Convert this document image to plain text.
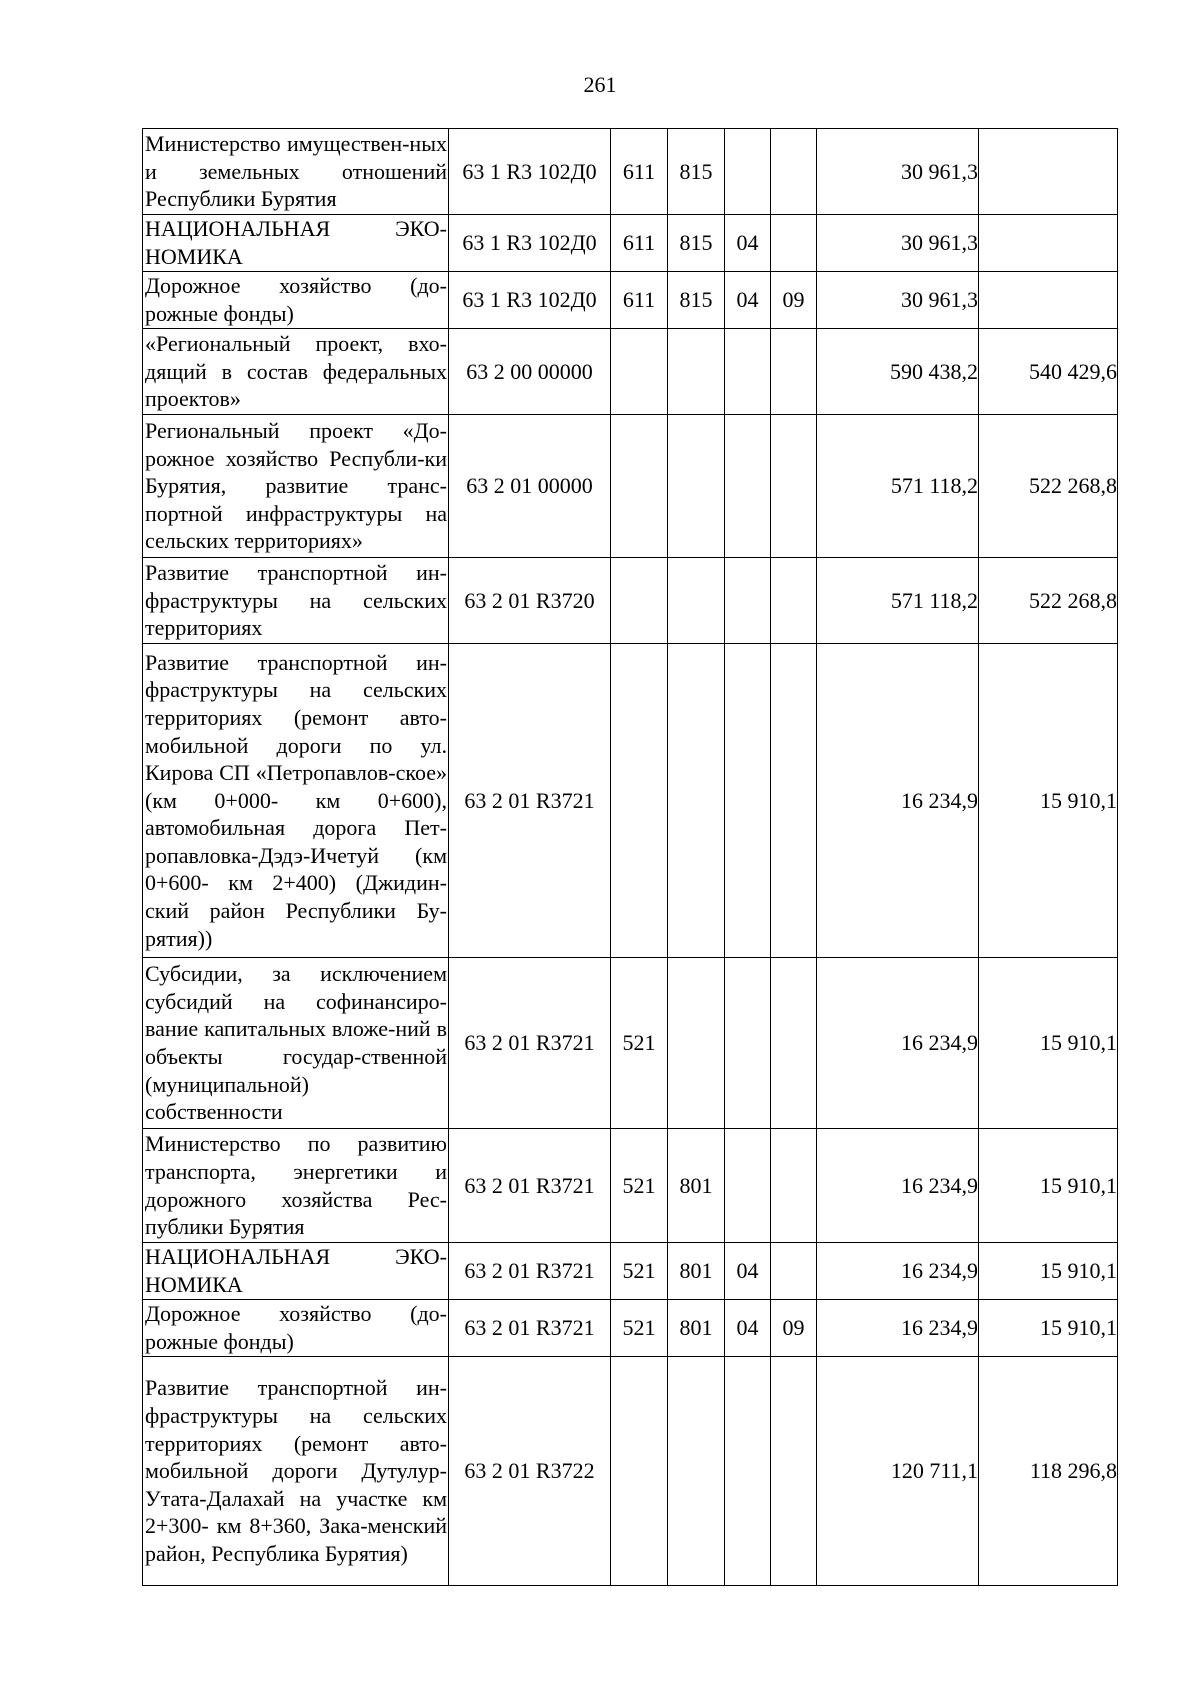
261
Министерство имуществен-ных и земельных отношений Республики Бурятия	63 1 R3 102Д0	611	815			30 961,3	
НАЦИОНАЛЬНАЯ ЭКО-НОМИКА	63 1 R3 102Д0	611	815	04		30 961,3	
Дорожное хозяйство (до-рожные фонды)	63 1 R3 102Д0	611	815	04	09	30 961,3	
«Региональный проект, вхо-дящий в состав федеральных проектов»	63 2 00 00000					590 438,2	540 429,6
Региональный проект «До-рожное хозяйство Республи-ки Бурятия, развитие транс-портной инфраструктуры на сельских территориях»	63 2 01 00000					571 118,2	522 268,8
Развитие транспортной ин-фраструктуры на сельских территориях	63 2 01 R3720					571 118,2	522 268,8
Развитие транспортной ин-фраструктуры на сельских территориях (ремонт авто-мобильной дороги по ул. Кирова СП «Петропавлов-ское» (км 0+000- км 0+600), автомобильная дорога Пет-ропавловка-Дэдэ-Ичетуй (км 0+600- км 2+400) (Джидин-ский район Республики Бу-рятия))	63 2 01 R3721					16 234,9	15 910,1
Субсидии, за исключением субсидий на софинансиро-вание капитальных вложе-ний в объекты государ-ственной (муниципальной) собственности	63 2 01 R3721	521				16 234,9	15 910,1
Министерство по развитию транспорта, энергетики и дорожного хозяйства Рес-публики Бурятия	63 2 01 R3721	521	801			16 234,9	15 910,1
НАЦИОНАЛЬНАЯ ЭКО-НОМИКА	63 2 01 R3721	521	801	04		16 234,9	15 910,1
Дорожное хозяйство (до-рожные фонды)	63 2 01 R3721	521	801	04	09	16 234,9	15 910,1
Развитие транспортной ин-фраструктуры на сельских территориях (ремонт авто-мобильной дороги Дутулур-Утата-Далахай на участке км 2+300- км 8+360, Зака-менский район, Республика Бурятия)	63 2 01 R3722					120 711,1	118 296,8
